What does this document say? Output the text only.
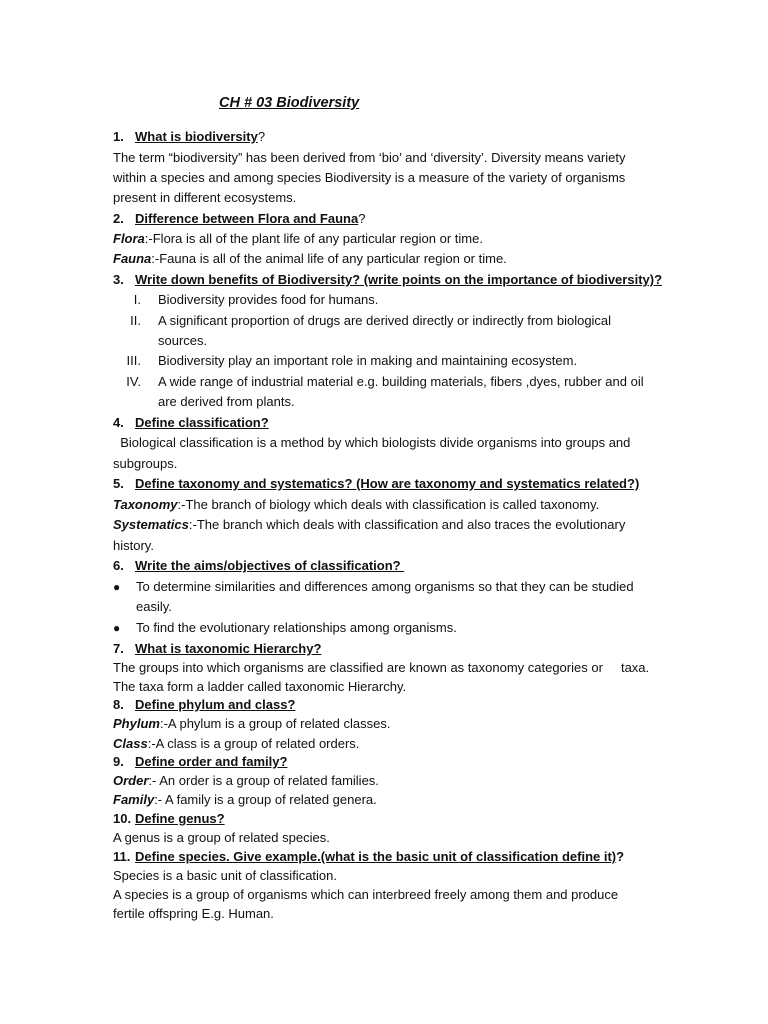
CH # 03 Biodiversity
1. What is biodiversity?
The term “biodiversity” has been derived from ‘bio’ and ‘diversity’. Diversity means variety
within a species and among species Biodiversity is a measure of the variety of organisms
present in different ecosystems.
2. Difference between Flora and Fauna?
Flora:-Flora is all of the plant life of any particular region or time.
Fauna:-Fauna is all of the animal life of any particular region or time.
3. Write down benefits of Biodiversity? (write points on the importance of biodiversity)?
I. Biodiversity provides food for humans.
II. A significant proportion of drugs are derived directly or indirectly from biological
sources.
III. Biodiversity play an important role in making and maintaining ecosystem.
IV. A wide range of industrial material e.g. building materials, fibers ,dyes, rubber and oil
are derived from plants.
4. Define classification?
Biological classification is a method by which biologists divide organisms into groups and
subgroups.
5. Define taxonomy and systematics? (How are taxonomy and systematics related?)
Taxonomy:-The branch of biology which deals with classification is called taxonomy.
Systematics:-The branch which deals with classification and also traces the evolutionary
history.
6. Write the aims/objectives of classification?
●	To determine similarities and differences among organisms so that they can be studied
easily.
●	To find the evolutionary relationships among organisms.
7. What is taxonomic Hierarchy?
The groups into which organisms are classified are known as taxonomy categories or     taxa.
The taxa form a ladder called taxonomic Hierarchy.
8. Define phylum and class?
Phylum:-A phylum is a group of related classes.
Class:-A class is a group of related orders.
9. Define order and family?
Order:- An order is a group of related families.
Family:- A family is a group of related genera.
10. Define genus?
A genus is a group of related species.
11. Define species. Give example.(what is the basic unit of classification define it)?
Species is a basic unit of classification.
A species is a group of organisms which can interbreed freely among them and produce
fertile offspring E.g. Human.
